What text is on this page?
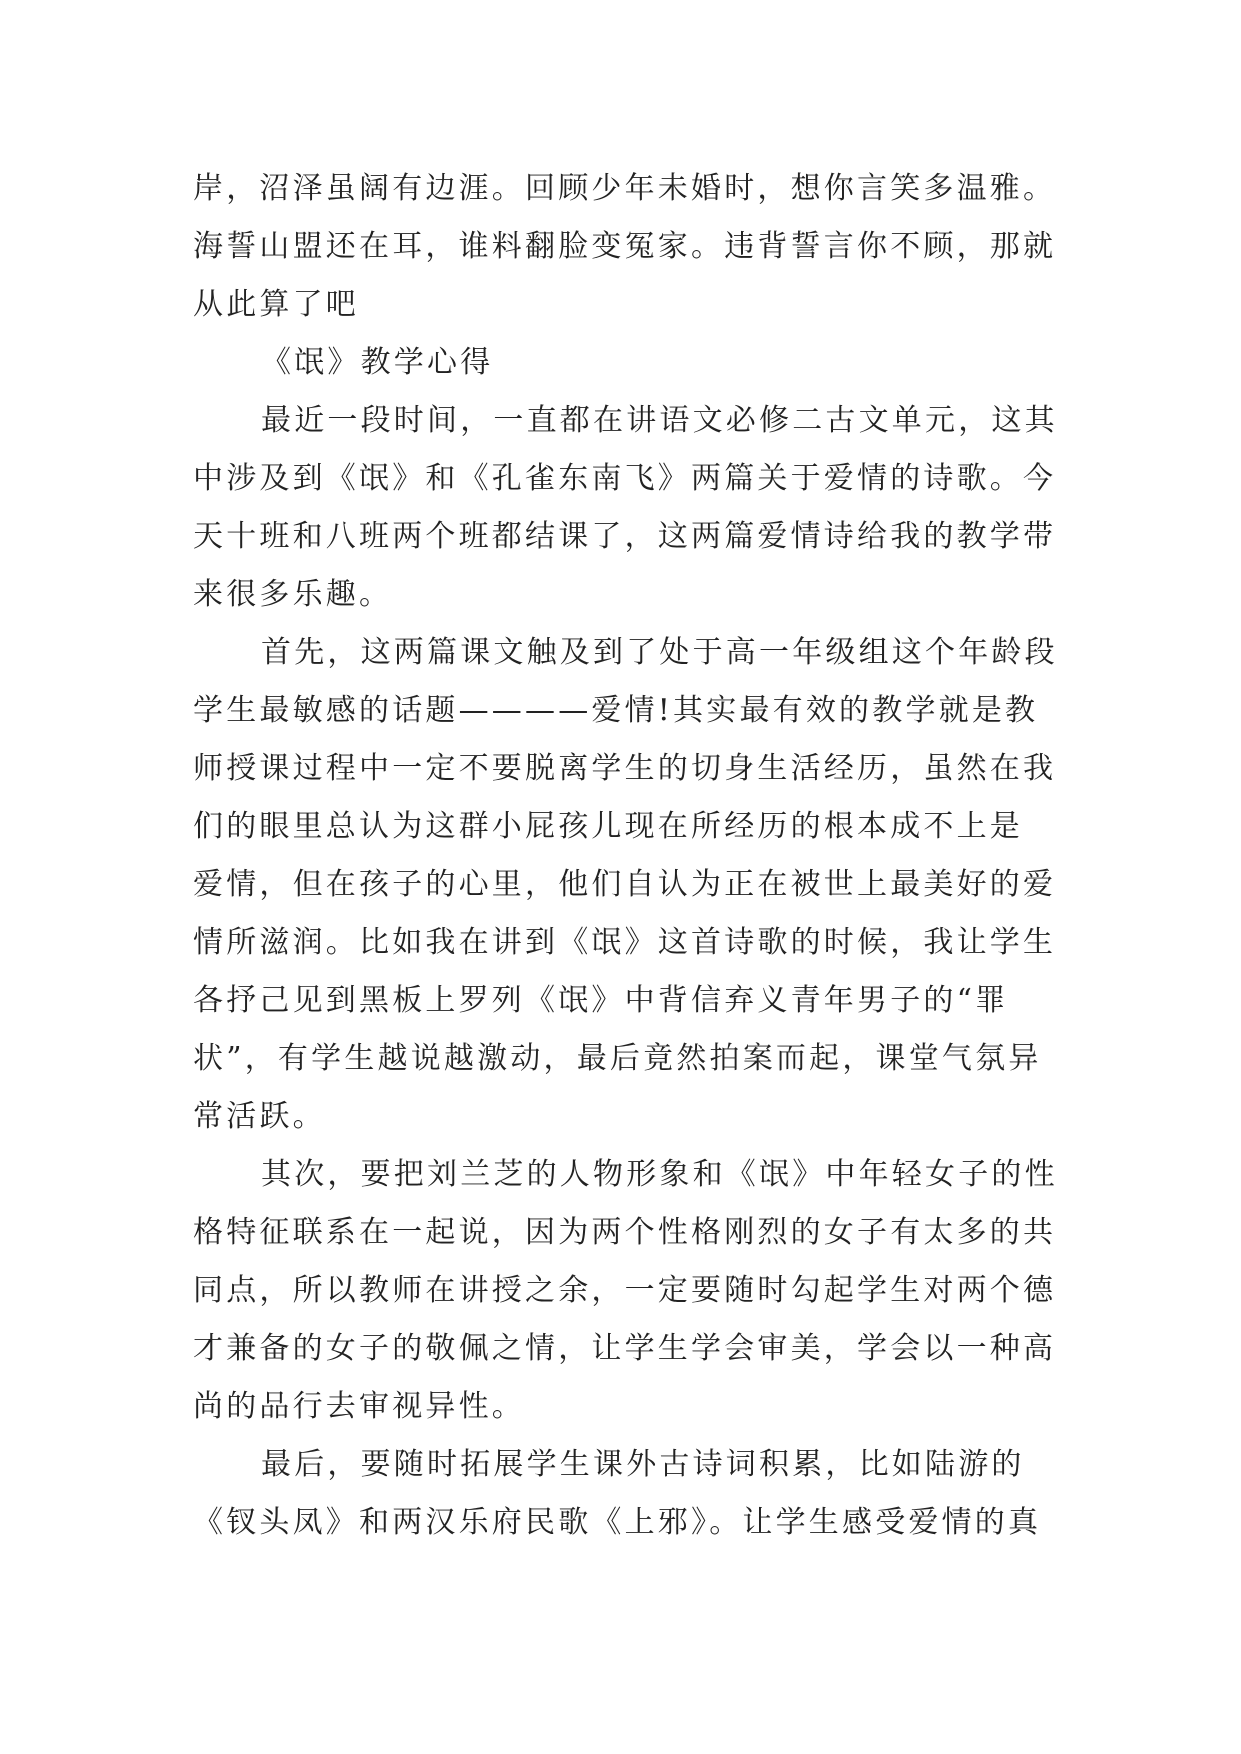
岸，沼泽虽阔有边涯。回顾少年未婚时，想你言笑多温雅。
海誓山盟还在耳，谁料翻脸变冤家。违背誓言你不顾，那就
从此算了吧
《氓》教学心得
最近一段时间，一直都在讲语文必修二古文单元，这其
中涉及到《氓》和《孔雀东南飞》两篇关于爱情的诗歌。今
天十班和八班两个班都结课了，这两篇爱情诗给我的教学带
来很多乐趣。
首先，这两篇课文触及到了处于高一年级组这个年龄段
学生最敏感的话题————爱情!其实最有效的教学就是教
师授课过程中一定不要脱离学生的切身生活经历，虽然在我
们的眼里总认为这群小屁孩儿现在所经历的根本成不上是
爱情，但在孩子的心里，他们自认为正在被世上最美好的爱
情所滋润。比如我在讲到《氓》这首诗歌的时候，我让学生
各抒己见到黑板上罗列《氓》中背信弃义青年男子的“罪
状”，有学生越说越激动，最后竟然拍案而起，课堂气氛异
常活跃。
其次，要把刘兰芝的人物形象和《氓》中年轻女子的性
格特征联系在一起说，因为两个性格刚烈的女子有太多的共
同点，所以教师在讲授之余，一定要随时勾起学生对两个德
才兼备的女子的敬佩之情，让学生学会审美，学会以一种高
尚的品行去审视异性。
最后，要随时拓展学生课外古诗词积累，比如陆游的
《钗头凤》和两汉乐府民歌《上邪》。让学生感受爱情的真
